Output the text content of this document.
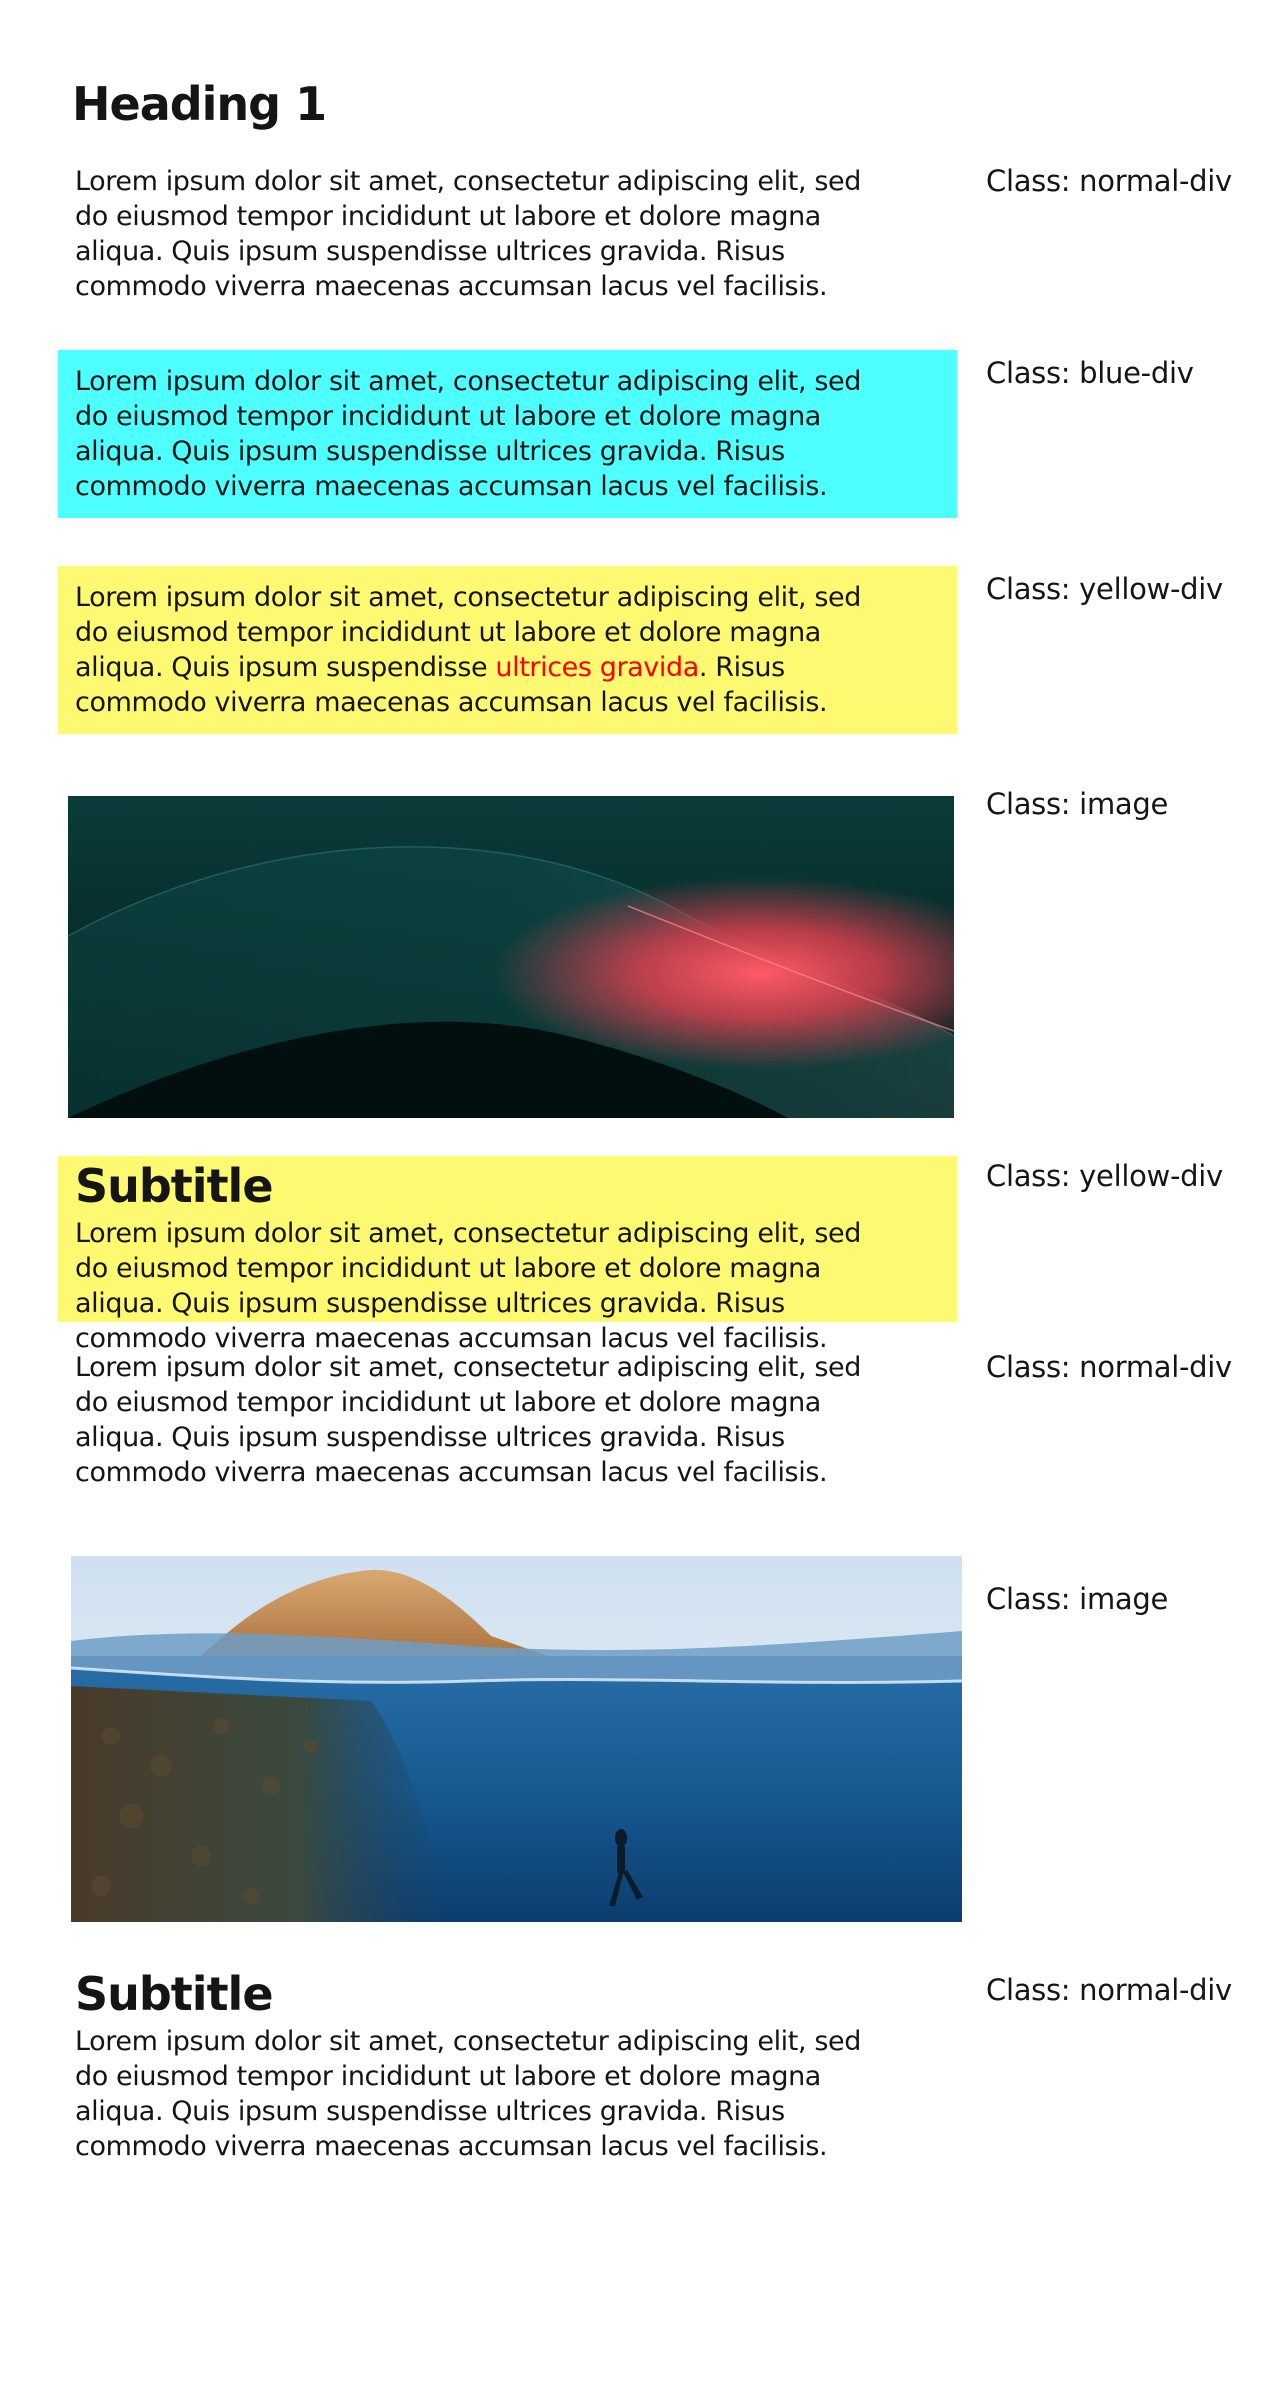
Heading 1

Lorem ipsum dolor sit amet, consectetur adipiscing elit, sed
do eiusmod tempor incididunt ut labore et dolore magna
aliqua. Quis ipsum suspendisse ultrices gravida. Risus
commodo viverra maecenas accumsan lacus vel facilisis.

Class: normal-div

Lorem ipsum dolor sit amet, consectetur adipiscing elit, sed
do eiusmod tempor incididunt ut labore et dolore magna
aliqua. Quis ipsum suspendisse ultrices gravida. Risus
commodo viverra maecenas accumsan lacus vel facilisis.

Class: blue-div

Lorem ipsum dolor sit amet, consectetur adipiscing elit, sed
do eiusmod tempor incididunt ut labore et dolore magna
aliqua. Quis ipsum suspendisse ultrices gravida. Risus
commodo viverra maecenas accumsan lacus vel facilisis.

Class: yellow-div
Class: image
Subtitle

Lorem ipsum dolor sit amet, consectetur adipiscing elit, sed
do eiusmod tempor incididunt ut labore et dolore magna
aliqua. Quis ipsum suspendisse ultrices gravida. Risus
commodo viverra maecenas accumsan lacus vel facilisis.

Class: yellow-div

Lorem ipsum dolor sit amet, consectetur adipiscing elit, sed
do eiusmod tempor incididunt ut labore et dolore magna
aliqua. Quis ipsum suspendisse ultrices gravida. Risus
commodo viverra maecenas accumsan lacus vel facilisis.

Class: normal-div
Class: image
Subtitle

Lorem ipsum dolor sit amet, consectetur adipiscing elit, sed
do eiusmod tempor incididunt ut labore et dolore magna
aliqua. Quis ipsum suspendisse ultrices gravida. Risus
commodo viverra maecenas accumsan lacus vel facilisis.

Class: normal-div
